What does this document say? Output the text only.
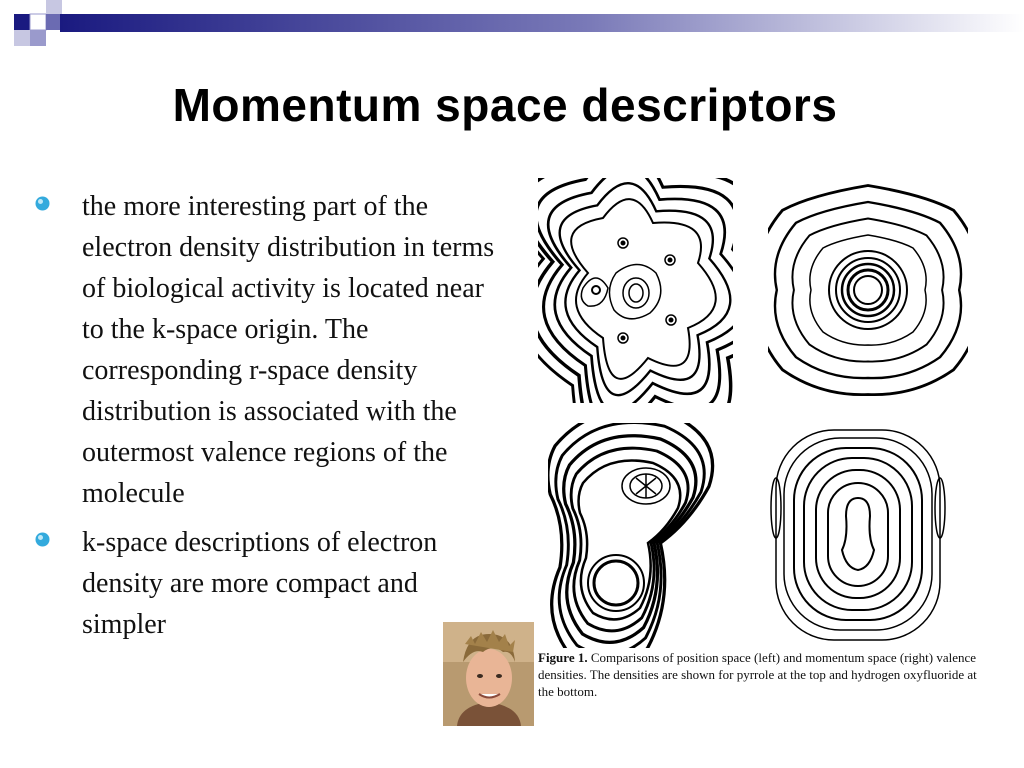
Momentum space descriptors
the more interesting part of the electron density distribution in terms of biological activity is located near to the k-space origin. The corresponding r-space density distribution is associated with the outermost valence regions of the molecule
k-space descriptions of electron density are more compact and simpler
Figure 1. Comparisons of position space (left) and momentum space (right) valence densities. The densities are shown for pyrrole at the top and hydrogen oxyfluoride at the bottom.
